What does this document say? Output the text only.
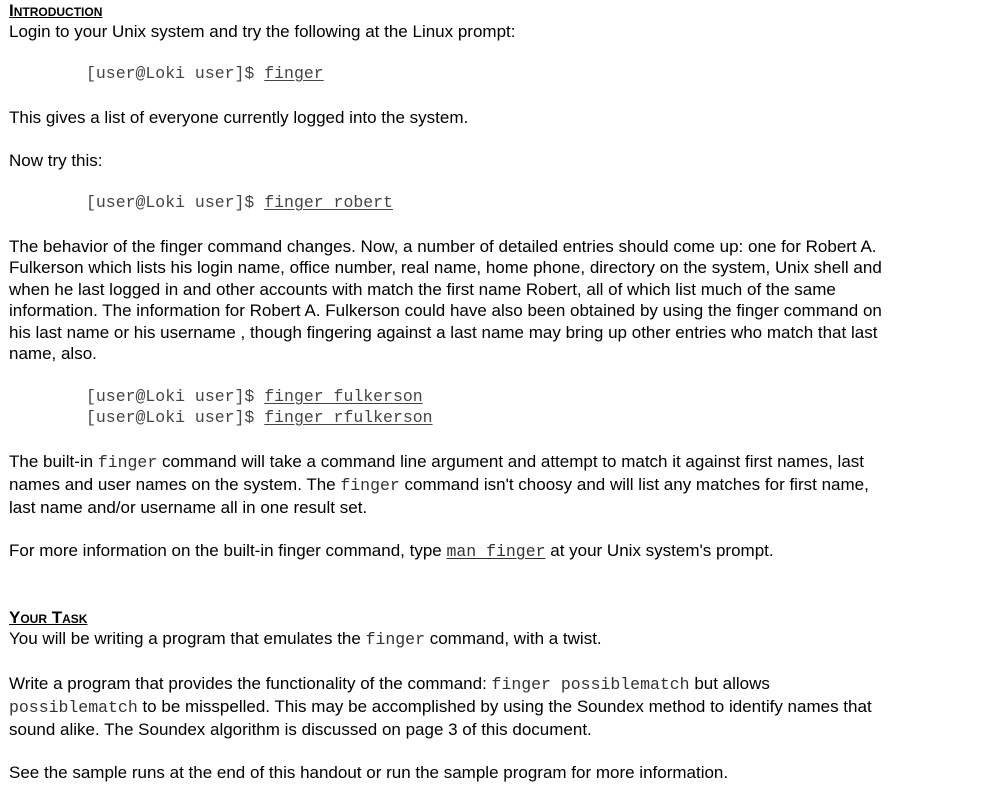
Introduction
Login to your Unix system and try the following at the Linux prompt:
[user@Loki user]$ finger
This gives a list of everyone currently logged into the system.
Now try this:
[user@Loki user]$ finger robert
The behavior of the finger command changes. Now, a number of detailed entries should come up: one for Robert A.
Fulkerson which lists his login name, office number, real name, home phone, directory on the system, Unix shell and
when he last logged in and other accounts with match the first name Robert, all of which list much of the same
information. The information for Robert A. Fulkerson could have also been obtained by using the finger command on
his last name or his username , though fingering against a last name may bring up other entries who match that last
name, also.
[user@Loki user]$ finger fulkerson
[user@Loki user]$ finger rfulkerson
The built-in finger command will take a command line argument and attempt to match it against first names, last
names and user names on the system. The finger command isn't choosy and will list any matches for first name,
last name and/or username all in one result set.
For more information on the built-in finger command, type man finger at your Unix system's prompt.
Your Task
You will be writing a program that emulates the finger command, with a twist.
Write a program that provides the functionality of the command: finger possiblematch but allows
possiblematch to be misspelled. This may be accomplished by using the Soundex method to identify names that
sound alike. The Soundex algorithm is discussed on page 3 of this document.
See the sample runs at the end of this handout or run the sample program for more information.
